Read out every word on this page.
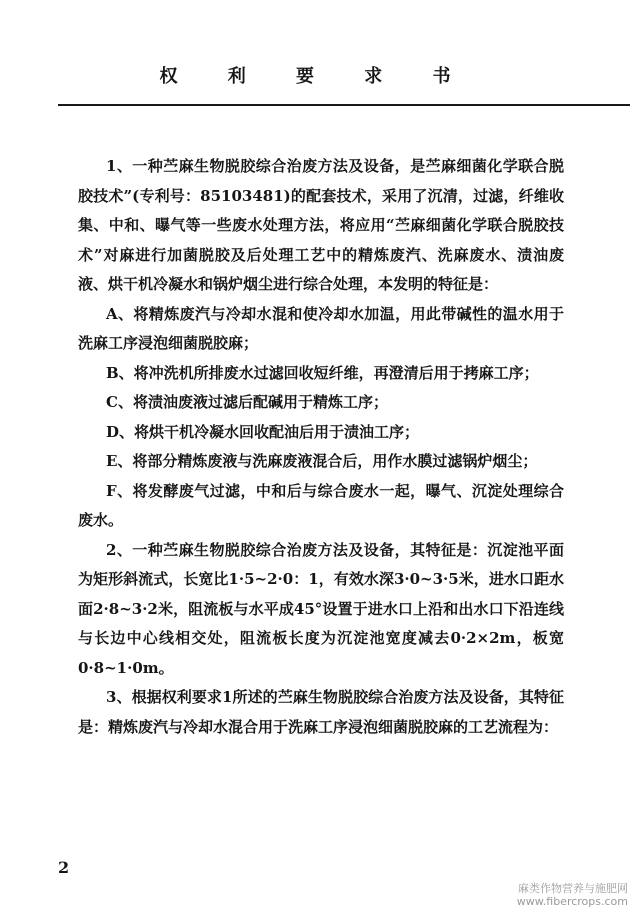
权 利 要 求 书

1、一种苎麻生物脱胶综合治废方法及设备，是苎麻细菌化学联合脱胶技术”(专利号：85103481)的配套技术，采用了沉清，过滤，纤维收集、中和、曝气等一些废水处理方法，将应用“苎麻细菌化学联合脱胶技术”对麻进行加菌脱胶及后处理工艺中的精炼废汽、洗麻废水、渍油废液、烘干机冷凝水和锅炉烟尘进行综合处理，本发明的特征是：

A、将精炼废汽与冷却水混和使冷却水加温，用此带碱性的温水用于洗麻工序浸泡细菌脱胶麻；

B、将冲洗机所排废水过滤回收短纤维，再澄清后用于拷麻工序；

C、将渍油废液过滤后配碱用于精炼工序；

D、将烘干机冷凝水回收配油后用于渍油工序；

E、将部分精炼废液与洗麻废液混合后，用作水膜过滤锅炉烟尘；

F、将发酵废气过滤，中和后与综合废水一起，曝气、沉淀处理综合废水。

2、一种苎麻生物脱胶综合治废方法及设备，其特征是：沉淀池平面为矩形斜流式，长宽比1·5~2·0：1，有效水深3·0~3·5米，进水口距水面2·8~3·2米，阻流板与水平成45°设置于进水口上沿和出水口下沿连线与长边中心线相交处，阻流板长度为沉淀池宽度减去0·2×2m，板宽0·8~1·0m。

3、根据权利要求1所述的苎麻生物脱胶综合治废方法及设备，其特征是：精炼废汽与冷却水混合用于洗麻工序浸泡细菌脱胶麻的工艺流程为：

2
麻类作物营养与施肥网
www.fibercrops.com
